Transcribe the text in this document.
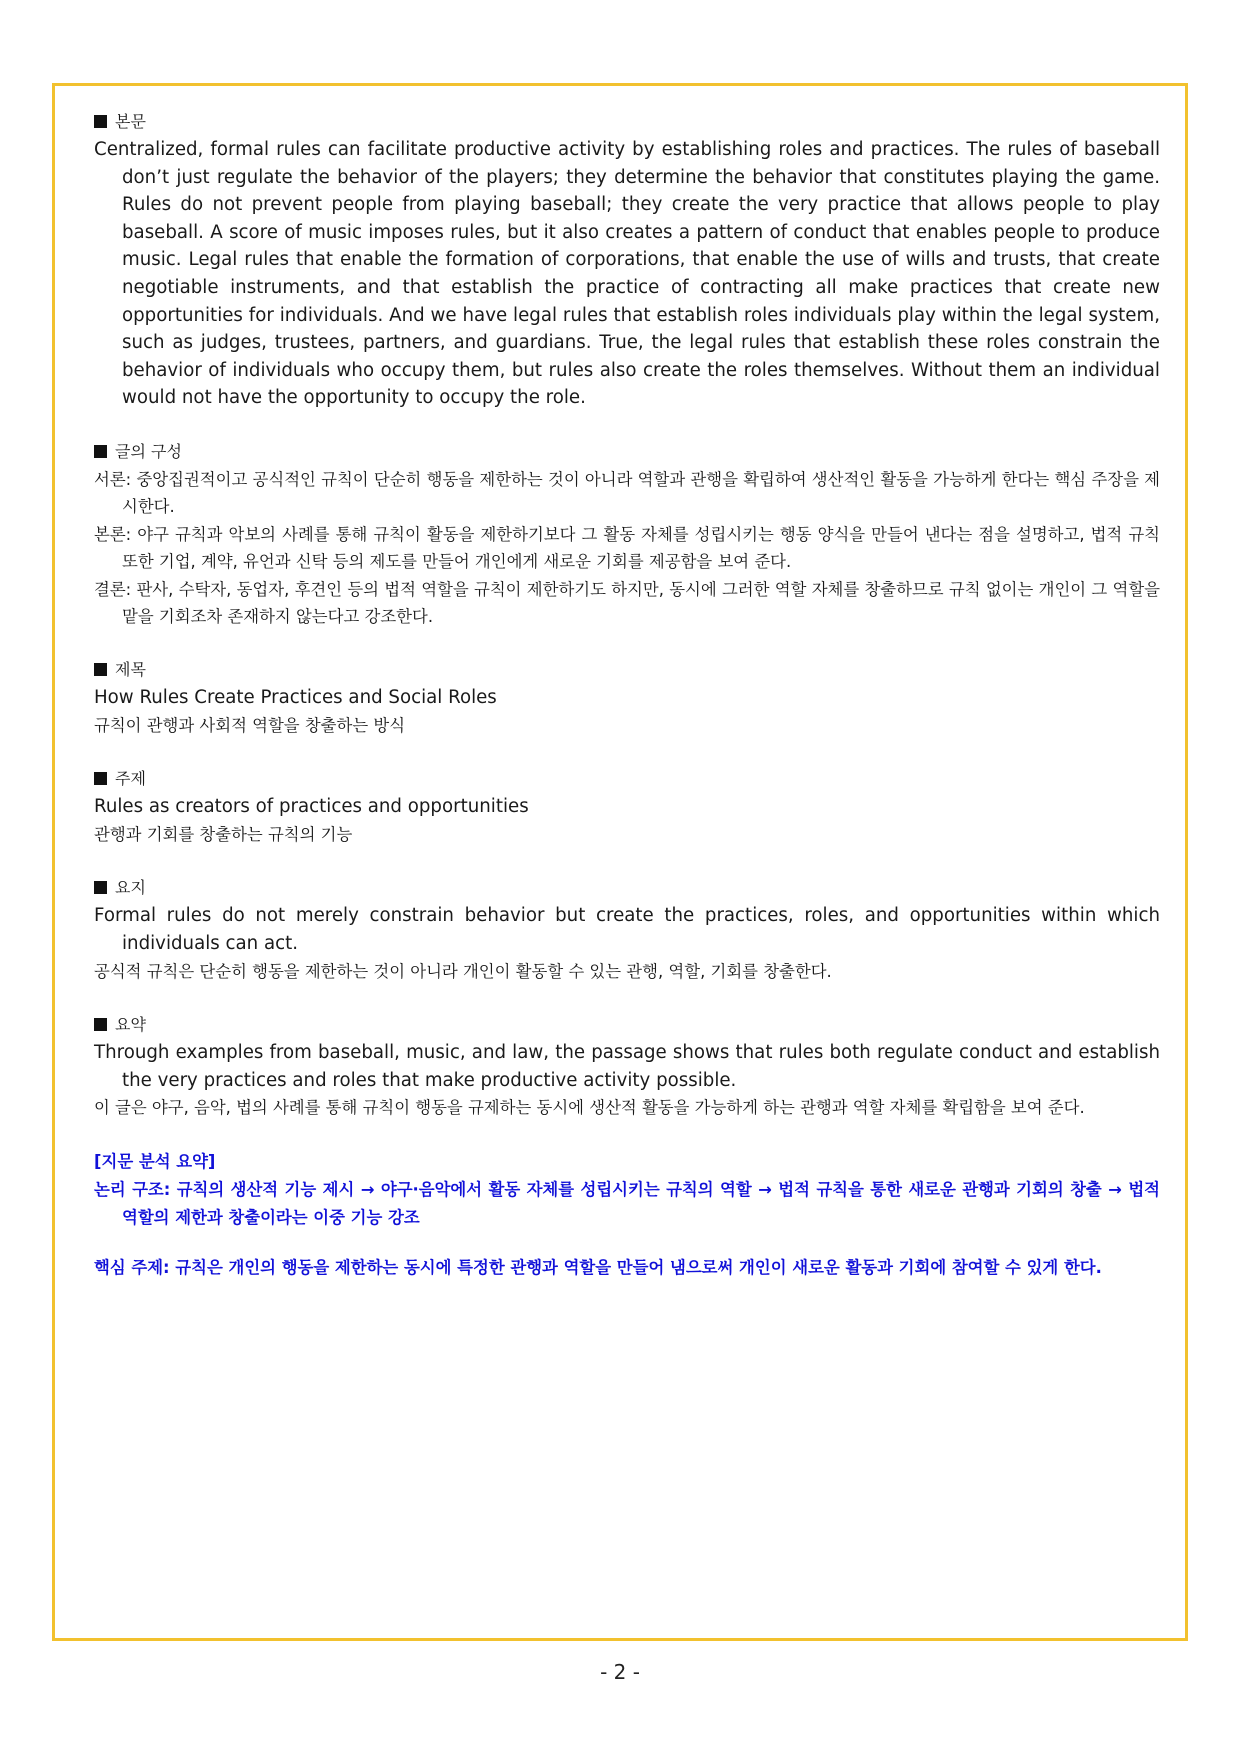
본문

Centralized, formal rules can facilitate productive activity by establishing roles and practices. The rules of baseball don’t just regulate the behavior of the players; they determine the behavior that constitutes playing the game. Rules do not prevent people from playing baseball; they create the very practice that allows people to play baseball. A score of music imposes rules, but it also creates a pattern of conduct that enables people to produce music. Legal rules that enable the formation of corporations, that enable the use of wills and trusts, that create negotiable instruments, and that establish the practice of contracting all make practices that create new opportunities for individuals. And we have legal rules that establish roles individuals play within the legal system, such as judges, trustees, partners, and guardians. True, the legal rules that establish these roles constrain the behavior of individuals who occupy them, but rules also create the roles themselves. Without them an individual would not have the opportunity to occupy the role.

글의 구성

서론: 중앙집권적이고 공식적인 규칙이 단순히 행동을 제한하는 것이 아니라 역할과 관행을 확립하여 생산적인 활동을 가능하게 한다는 핵심 주장을 제시한다.

본론: 야구 규칙과 악보의 사례를 통해 규칙이 활동을 제한하기보다 그 활동 자체를 성립시키는 행동 양식을 만들어 낸다는 점을 설명하고, 법적 규칙 또한 기업, 계약, 유언과 신탁 등의 제도를 만들어 개인에게 새로운 기회를 제공함을 보여 준다.

결론: 판사, 수탁자, 동업자, 후견인 등의 법적 역할을 규칙이 제한하기도 하지만, 동시에 그러한 역할 자체를 창출하므로 규칙 없이는 개인이 그 역할을 맡을 기회조차 존재하지 않는다고 강조한다.

제목

How Rules Create Practices and Social Roles

규칙이 관행과 사회적 역할을 창출하는 방식

주제

Rules as creators of practices and opportunities

관행과 기회를 창출하는 규칙의 기능

요지

Formal rules do not merely constrain behavior but create the practices, roles, and opportunities within which individuals can act.

공식적 규칙은 단순히 행동을 제한하는 것이 아니라 개인이 활동할 수 있는 관행, 역할, 기회를 창출한다.

요약

Through examples from baseball, music, and law, the passage shows that rules both regulate conduct and establish the very practices and roles that make productive activity possible.

이 글은 야구, 음악, 법의 사례를 통해 규칙이 행동을 규제하는 동시에 생산적 활동을 가능하게 하는 관행과 역할 자체를 확립함을 보여 준다.

[지문 분석 요약]

논리 구조: 규칙의 생산적 기능 제시 → 야구·음악에서 활동 자체를 성립시키는 규칙의 역할 → 법적 규칙을 통한 새로운 관행과 기회의 창출 → 법적 역할의 제한과 창출이라는 이중 기능 강조

핵심 주제: 규칙은 개인의 행동을 제한하는 동시에 특정한 관행과 역할을 만들어 냄으로써 개인이 새로운 활동과 기회에 참여할 수 있게 한다.

- 2 -
